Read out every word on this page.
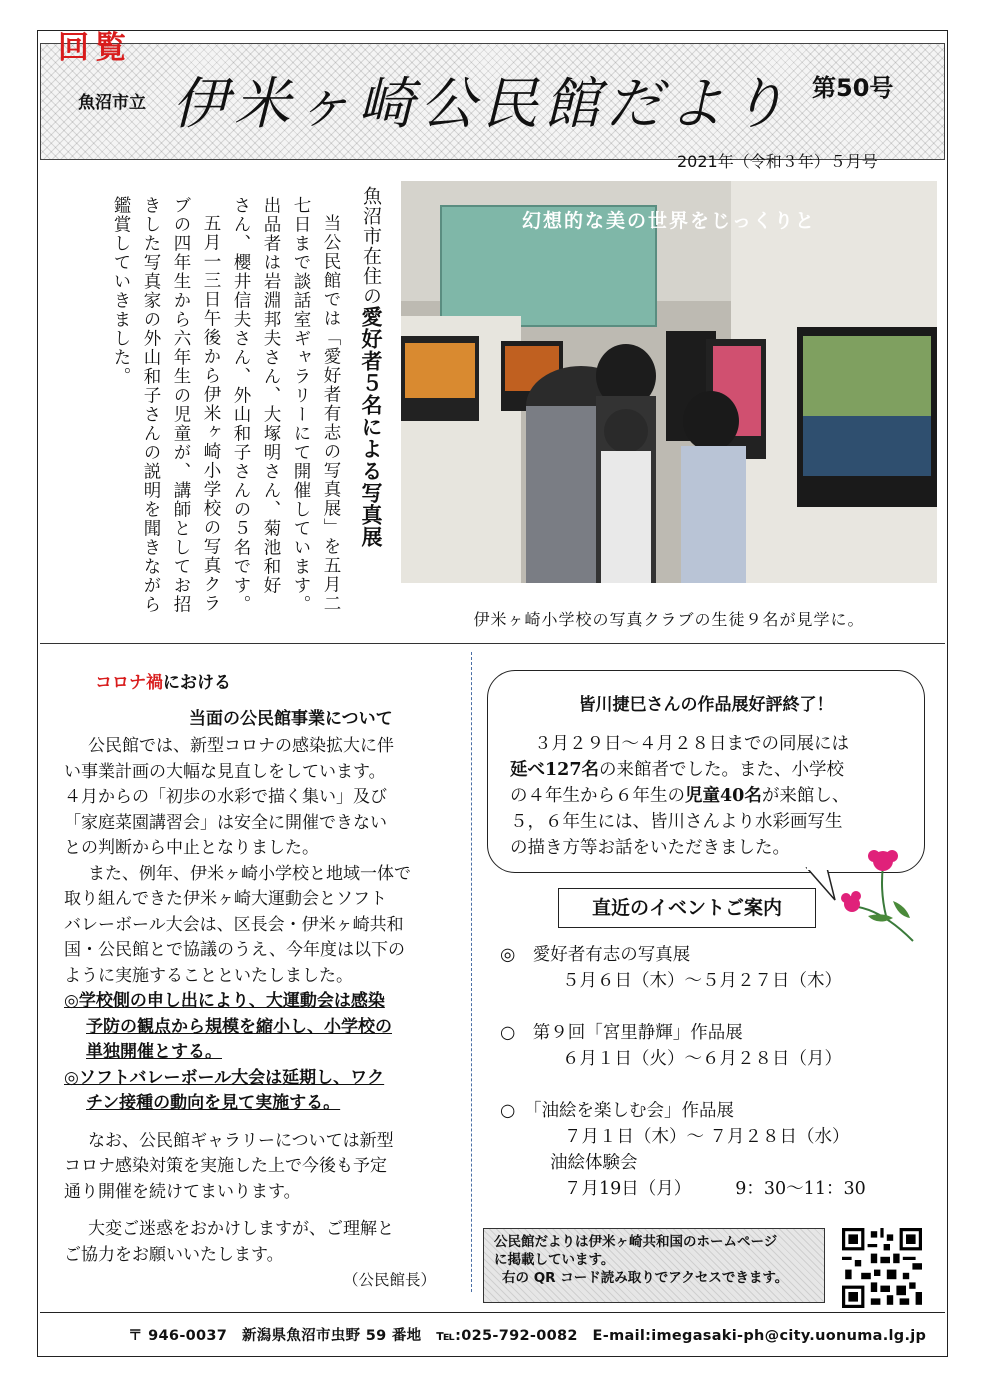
回覧
魚沼市立 伊米ヶ崎公民館だより 第50号
2021年（令和３年）５月号
魚沼市在住の愛好者５名による写真展
当公民館では「愛好者有志の写真展」を五月二
七日まで談話室ギャラリーにて開催しています。
出品者は岩淵邦夫さん、大塚明さん、菊池和好
さん、櫻井信夫さん、外山和子さんの５名です。
五月一三日午後から伊米ヶ崎小学校の写真クラ
ブの四年生から六年生の児童が、講師としてお招
きした写真家の外山和子さんの説明を聞きながら
鑑賞していきました。	幻想的な美の世界をじっくりと
伊米ヶ崎小学校の写真クラブの生徒９名が見学に。
コロナ禍における
当面の公民館事業について
公民館では、新型コロナの感染拡大に伴
い事業計画の大幅な見直しをしています。
４月からの「初歩の水彩で描く集い」及び
「家庭菜園講習会」は安全に開催できない
との判断から中止となりました。
また、例年、伊米ヶ崎小学校と地域一体で
取り組んできた伊米ヶ崎大運動会とソフト
バレーボール大会は、区長会・伊米ヶ崎共和
国・公民館とで協議のうえ、今年度は以下の
ように実施することといたしました。
◎学校側の申し出により、大運動会は感染
予防の観点から規模を縮小し、小学校の
単独開催とする。
◎ソフトバレーボール大会は延期し、ワク
チン接種の動向を見て実施する。
なお、公民館ギャラリーについては新型
コロナ感染対策を実施した上で今後も予定
通り開催を続けてまいります。
大変ご迷惑をおかけしますが、ご理解と
ご協力をお願いいたします。
（公民館長）
皆川捷巳さんの作品展好評終了！
３月２９日～４月２８日までの同展には
延べ127名の来館者でした。また、小学校
の４年生から６年生の児童40名が来館し、
５，６年生には、皆川さんより水彩画写生
の描き方等お話をいただきました。
直近のイベントご案内
◎　 愛好者有志の写真展
５月６日（木）～５月２７日（木）
○　 第９回「宮里静輝」作品展
６月１日（火）～６月２８日（月）
○　 「油絵を楽しむ会」作品展
７月１日（木）～ ７月２８日（水）
油絵体験会
７月19日（月）	9：30～11：30
公民館だよりは伊米ヶ崎共和国のホームページ
に掲載しています。
右の QR コード読み取りでアクセスできます。
〒 946-0037　新潟県魚沼市虫野 59 番地　℡:025-792-0082　E-mail:imegasaki-ph@city.uonuma.lg.jp
